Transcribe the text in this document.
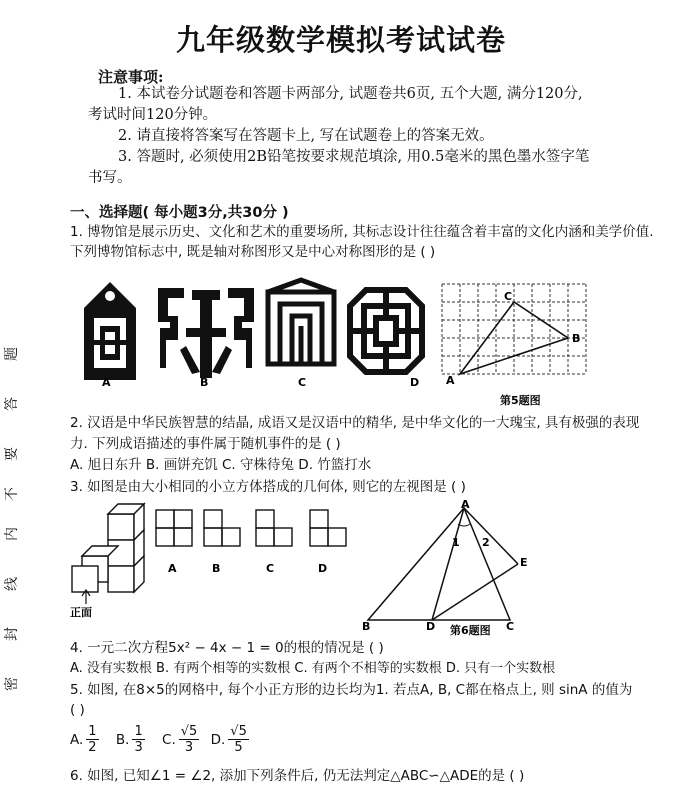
九年级数学模拟考试试卷
注意事项:
1. 本试卷分试题卷和答题卡两部分, 试题卷共6页, 五个大题, 满分120分,
考试时间120分钟。
2. 请直接将答案写在答题卡上, 写在试题卷上的答案无效。
3. 答题时, 必须使用2B铅笔按要求规范填涂, 用0.5毫米的黑色墨水签字笔
书写。
一、选择题( 每小题3分,共30分 )
1. 博物馆是展示历史、文化和艺术的重要场所, 其标志设计往往蕴含着丰富的文化内涵和美学价值.
下列博物馆标志中, 既是轴对称图形又是中心对称图形的是 ( )
A	B	C	D
C
B
A
第5题图
2. 汉语是中华民族智慧的结晶, 成语又是汉语中的精华, 是中华文化的一大瑰宝, 具有极强的表现
力. 下列成语描述的事件属于随机事件的是 ( )
A. 旭日东升 B. 画饼充饥 C. 守株待兔 D. 竹篮打水
3. 如图是由大小相同的小立方体搭成的几何体, 则它的左视图是 ( )
正面
A	B	C	D
A
B	C
D
E
1 2
第6题图
4. 一元二次方程5x² − 4x − 1 = 0的根的情况是 ( )
A. 没有实数根 B. 有两个相等的实数根 C. 有两个不相等的实数根 D. 只有一个实数根
5. 如图, 在8×5的网格中, 每个小正方形的边长均为1. 若点A, B, C都在格点上, 则 sinA 的值为
( )
A. $\frac{1}{2} B$. $\frac{1}{3} C$. $\frac{√5}{3} D$. $\frac{√5}{5}$
6. 如图, 已知∠1 = ∠2, 添加下列条件后, 仍无法判定△ABC∽△ADE的是 ( )
密
封
线
内
不
要
答
题
